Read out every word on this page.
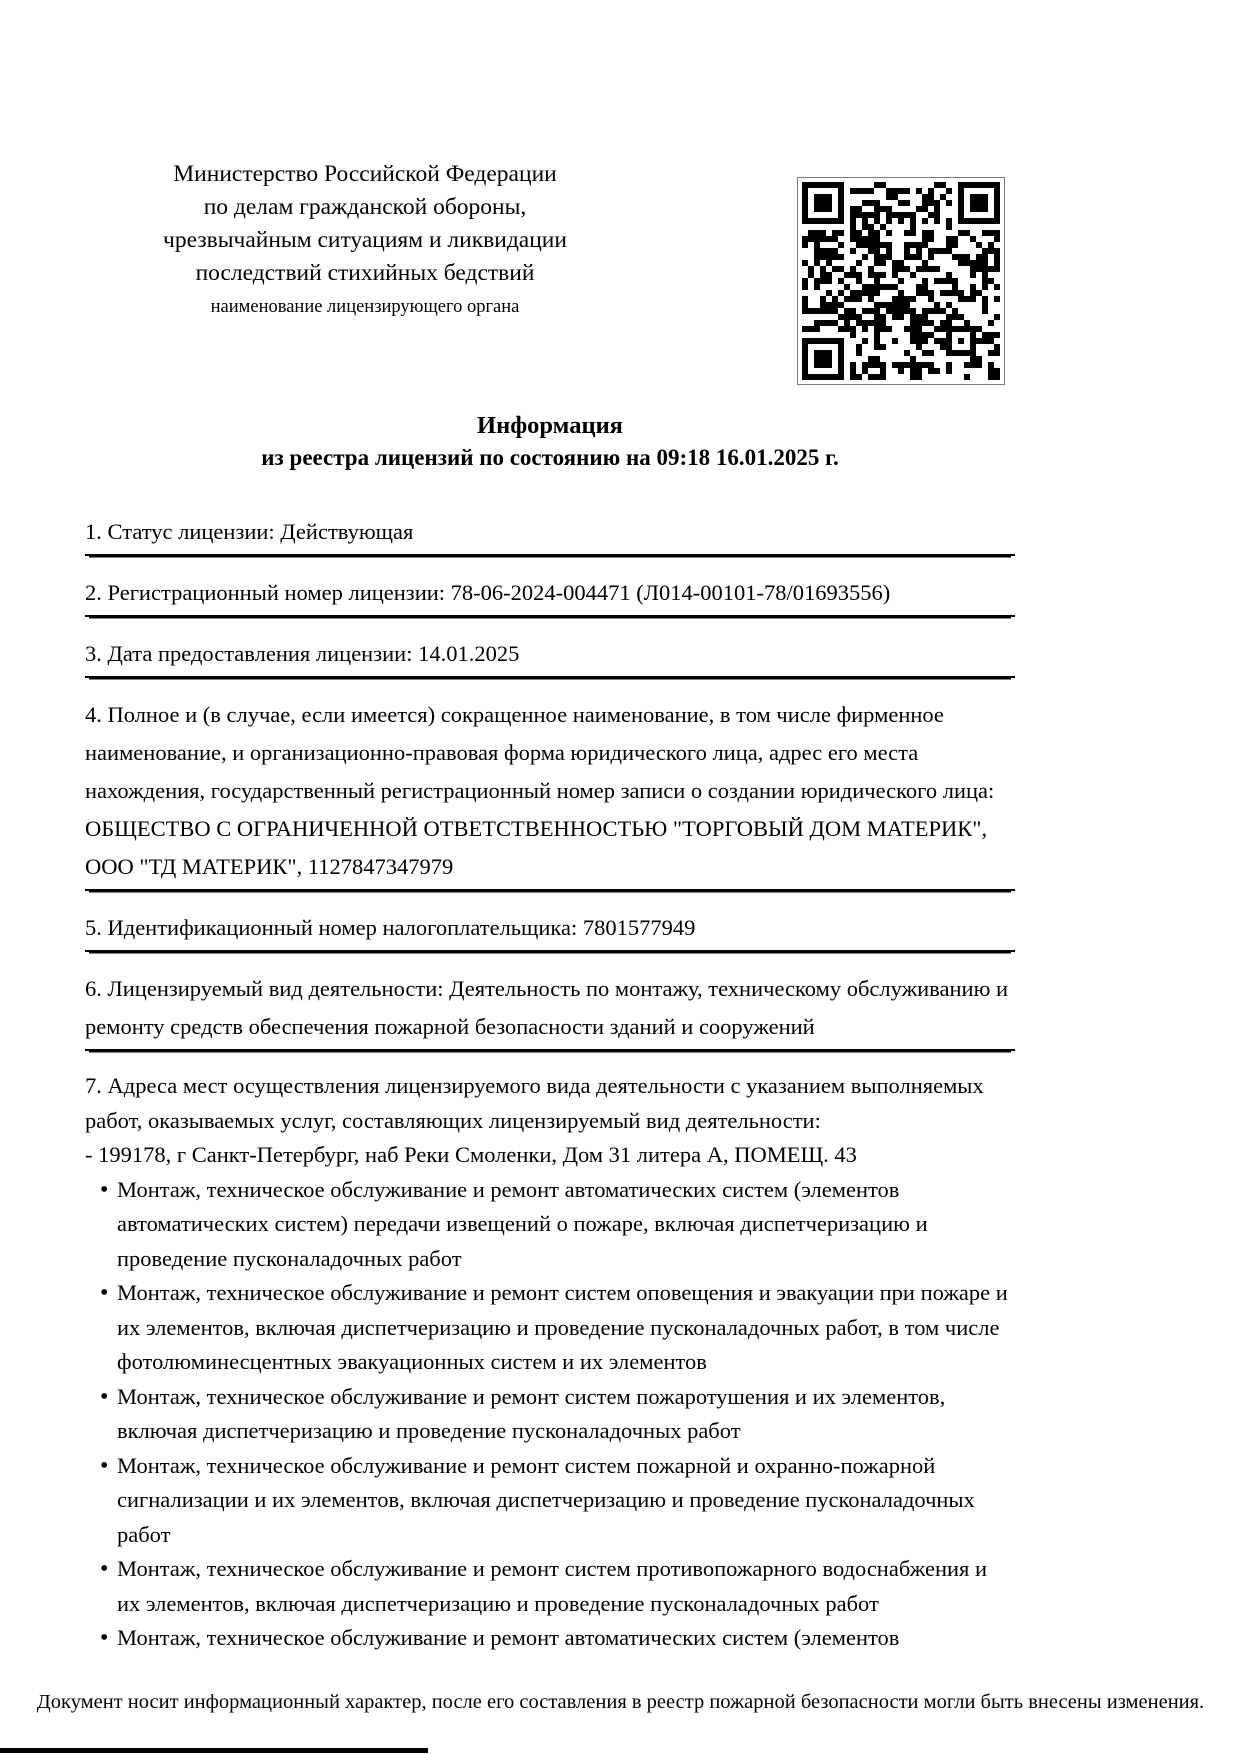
Министерство Российской Федерации
по делам гражданской обороны,
чрезвычайным ситуациям и ликвидации
последствий стихийных бедствий
наименование лицензирующего органа
Информация
из реестра лицензий по состоянию на 09:18 16.01.2025 г.
1. Статус лицензии: Действующая
2. Регистрационный номер лицензии: 78-06-2024-004471 (Л014-00101-78/01693556)
3. Дата предоставления лицензии: 14.01.2025
4. Полное и (в случае, если имеется) сокращенное наименование, в том числе фирменное наименование, и организационно-правовая форма юридического лица, адрес его места нахождения, государственный регистрационный номер записи о создании юридического лица: ОБЩЕСТВО С ОГРАНИЧЕННОЙ ОТВЕТСТВЕННОСТЬЮ "ТОРГОВЫЙ ДОМ МАТЕРИК", ООО "ТД МАТЕРИК", 1127847347979
5. Идентификационный номер налогоплательщика: 7801577949
6. Лицензируемый вид деятельности: Деятельность по монтажу, техническому обслуживанию и ремонту средств обеспечения пожарной безопасности зданий и сооружений
7. Адреса мест осуществления лицензируемого вида деятельности с указанием выполняемых работ, оказываемых услуг, составляющих лицензируемый вид деятельности:
- 199178, г Санкт-Петербург, наб Реки Смоленки, Дом 31 литера А, ПОМЕЩ. 43
• Монтаж, техническое обслуживание и ремонт автоматических систем (элементов автоматических систем) передачи извещений о пожаре, включая диспетчеризацию и проведение пусконаладочных работ
• Монтаж, техническое обслуживание и ремонт систем оповещения и эвакуации при пожаре и их элементов, включая диспетчеризацию и проведение пусконаладочных работ, в том числе фотолюминесцентных эвакуационных систем и их элементов
• Монтаж, техническое обслуживание и ремонт систем пожаротушения и их элементов, включая диспетчеризацию и проведение пусконаладочных работ
• Монтаж, техническое обслуживание и ремонт систем пожарной и охранно-пожарной сигнализации и их элементов, включая диспетчеризацию и проведение пусконаладочных работ
• Монтаж, техническое обслуживание и ремонт систем противопожарного водоснабжения и их элементов, включая диспетчеризацию и проведение пусконаладочных работ
• Монтаж, техническое обслуживание и ремонт автоматических систем (элементов
Документ носит информационный характер, после его составления в реестр пожарной безопасности могли быть внесены изменения.
